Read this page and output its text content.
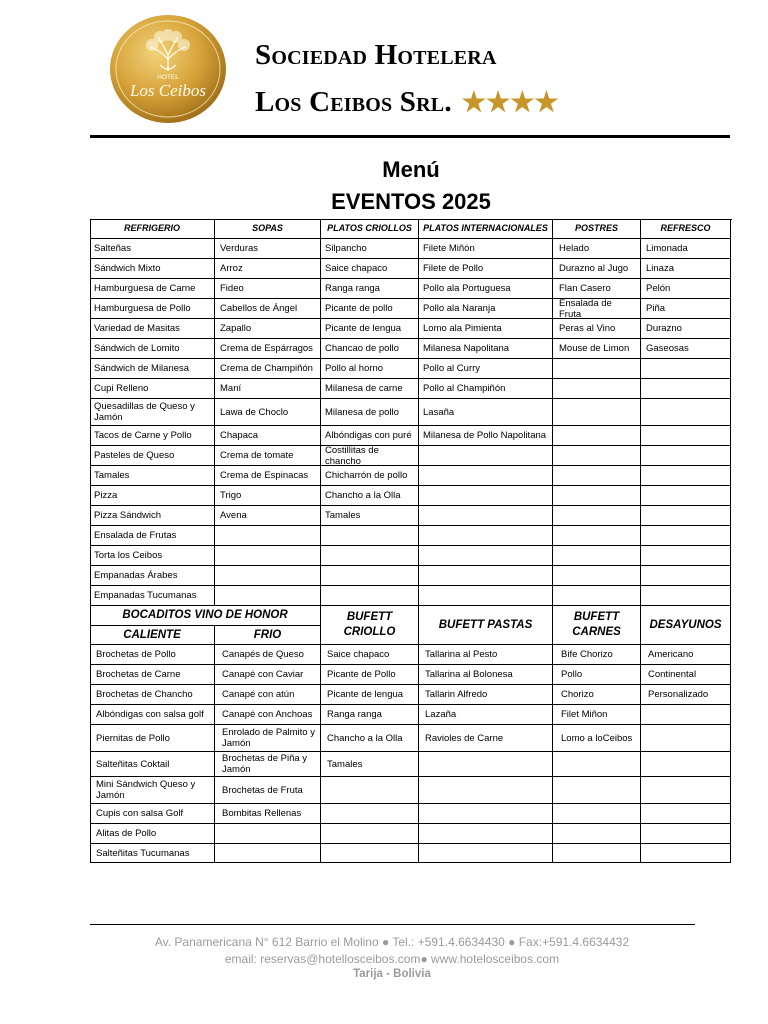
HOTEL
Los Ceibos
Sociedad Hotelera
Los Ceibos Srl. ★★★★
Menú
EVENTOS 2025
REFRIGERIO	SOPAS	PLATOS CRIOLLOS	PLATOS INTERNACIONALES	POSTRES	REFRESCO
Salteñas	Verduras	Silpancho	Filete Miñón	Helado	Limonada
Sándwich Mixto	Arroz	Saice chapaco	Filete de Pollo	Durazno al Jugo	Linaza
Hamburguesa de Carne	Fideo	Ranga ranga	Pollo ala Portuguesa	Flan Casero	Pelón
Hamburguesa de Pollo	Cabellos de Ángel	Picante de pollo	Pollo ala Naranja	Ensalada de Fruta	Piña
Variedad de Masitas	Zapallo	Picante de lengua	Lomo ala Pimienta	Peras al Vino	Durazno
Sándwich de Lomito	Crema de Espárragos	Chancao de pollo	Milanesa Napolitana	Mouse de Limon	Gaseosas
Sándwich de Milanesa	Crema de Champiñón	Pollo al horno	Pollo al Curry
Cupi Relleno	Maní	Milanesa de carne	Pollo al Champiñón
Quesadillas de Queso y Jamón	Lawa de Choclo	Milanesa de pollo	Lasaña
Tacos de Carne y Pollo	Chapaca	Albóndigas con puré	Milanesa de Pollo Napolitana
Pasteles de Queso	Crema de tomate	Costillitas de chancho
Tamales	Crema de Espinacas	Chicharrón de pollo
Pizza	Trigo	Chancho a la Olla
Pizza Sándwich	Avena	Tamales
Ensalada de Frutas
Torta los Ceibos
Empanadas Árabes
Empanadas Tucumanas
BOCADITOS VINO DE HONOR
CALIENTE	FRIO
BUFETT CRIOLLO
BUFETT PASTAS
BUFETT CARNES
DESAYUNOS
Brochetas de Pollo	Canapés de Queso	Saice chapaco	Tallarina al Pesto	Bife Chorizo	Americano
Brochetas de Carne	Canapé con Caviar	Picante de Pollo	Tallarina al Bolonesa	Pollo	Continental
Brochetas de Chancho	Canapé con atún	Picante de lengua	Tallarin Alfredo	Chorizo	Personalizado
Albóndigas con salsa golf	Canapé con Anchoas	Ranga ranga	Lazaña	Filet Miñon
Piernitas de Pollo	Enrolado de Palmito y Jamón	Chancho a la Olla	Ravioles de Carne	Lomo a loCeibos
Salteñitas Coktail	Brochetas de Piña y Jamón	Tamales
Mini Sándwich Queso y Jamón	Brochetas de Fruta
Cupis con salsa Golf	Bombitas Rellenas
Alitas de Pollo
Salteñitas Tucumanas
Av. Panamericana N° 612 Barrio el Molino ● Tel.: +591.4.6634430 ● Fax:+591.4.6634432
email: reservas@hotellosceibos.com● www.hotelosceibos.com
Tarija - Bolivia
